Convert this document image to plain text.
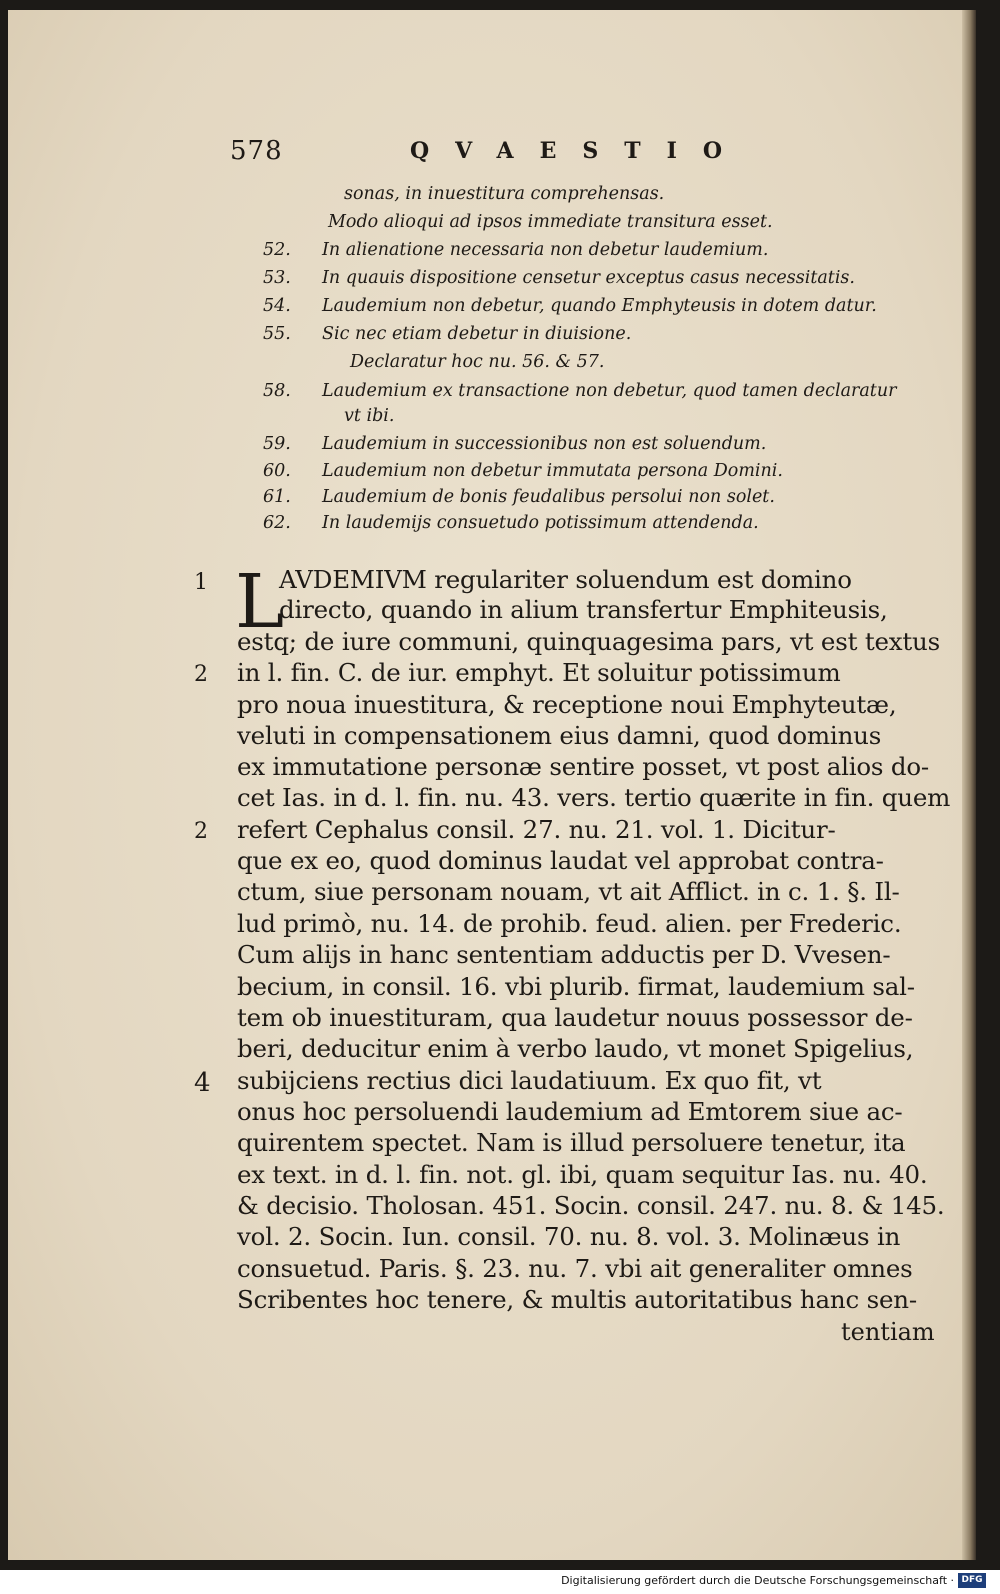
578	QVAESTIO
sonas, in inuestitura comprehensas.
Modo alioqui ad ipsos immediate transitura esset.
52.	In alienatione necessaria non debetur laudemium.
53.	In quauis dispositione censetur exceptus casus necessitatis.
54.	Laudemium non debetur, quando Emphyteusis in dotem datur.
55.	Sic nec etiam debetur in diuisione.
Declaratur hoc nu. 56. & 57.
58.	Laudemium ex transactione non debetur, quod tamen declaratur
vt ibi.
59.	Laudemium in successionibus non est soluendum.
60.	Laudemium non debetur immutata persona Domini.
61.	Laudemium de bonis feudalibus persolui non solet.
62.	In laudemijs consuetudo potissimum attendenda.
1
2
2
4
L
AVDEMIVM regulariter soluendum est domino
directo, quando in alium transfertur Emphiteusis,
estq; de iure communi, quinquagesima pars, vt est textus
in l. fin. C. de iur. emphyt. Et soluitur potissimum
pro noua inuestitura, & receptione noui Emphyteutæ,
veluti in compensationem eius damni, quod dominus
ex immutatione personæ sentire posset, vt post alios do-
cet Ias. in d. l. fin. nu. 43. vers. tertio quærite in fin. quem
refert Cephalus consil. 27. nu. 21. vol. 1. Dicitur-
que ex eo, quod dominus laudat vel approbat contra-
ctum, siue personam nouam, vt ait Afflict. in c. 1. §. Il-
lud primò, nu. 14. de prohib. feud. alien. per Frederic.
Cum alijs in hanc sententiam adductis per D. Vvesen-
becium, in consil. 16. vbi plurib. firmat, laudemium sal-
tem ob inuestituram, qua laudetur nouus possessor de-
beri, deducitur enim à verbo laudo, vt monet Spigelius,
subijciens rectius dici laudatiuum. Ex quo fit, vt
onus hoc persoluendi laudemium ad Emtorem siue ac-
quirentem spectet. Nam is illud persoluere tenetur, ita
ex text. in d. l. fin. not. gl. ibi, quam sequitur Ias. nu. 40.
& decisio. Tholosan. 451. Socin. consil. 247. nu. 8. & 145.
vol. 2. Socin. Iun. consil. 70. nu. 8. vol. 3. Molinæus in
consuetud. Paris. §. 23. nu. 7. vbi ait generaliter omnes
Scribentes hoc tenere, & multis autoritatibus hanc sen-
tentiam
Digitalisierung gefördert durch die Deutsche Forschungsgemeinschaft · DFG
